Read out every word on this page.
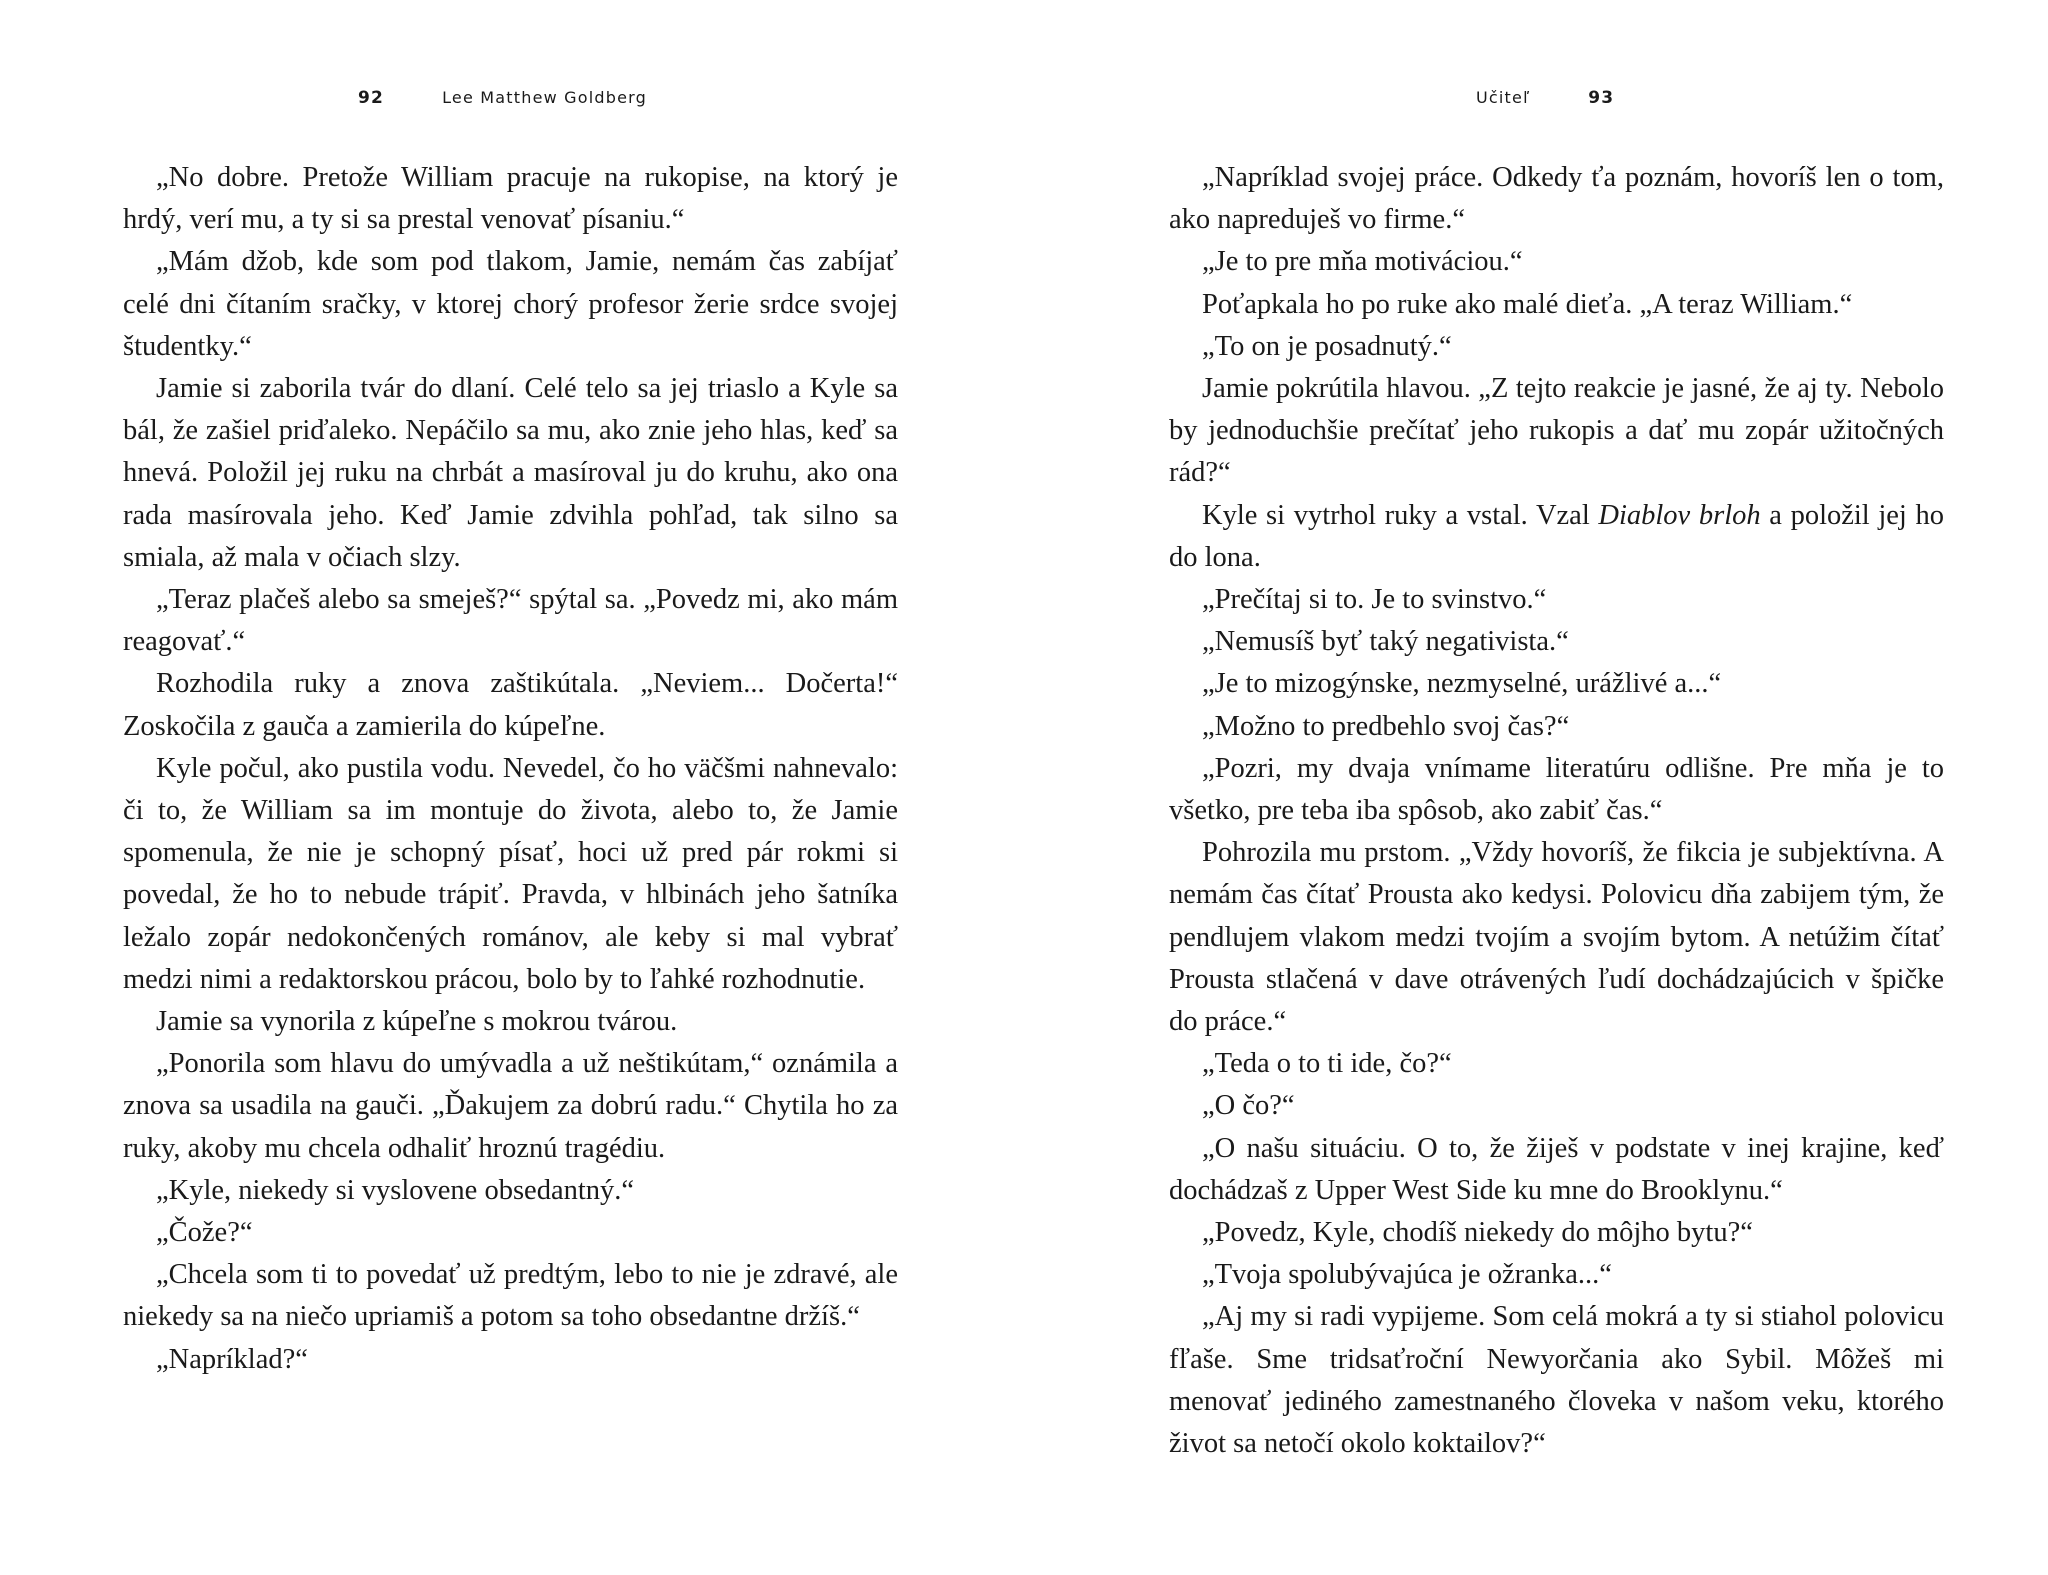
92	Lee Matthew Goldberg

„No dobre. Pretože William pracuje na rukopise, na ktorý je hrdý, verí mu, a ty si sa prestal venovať písaniu.“

„Mám džob, kde som pod tlakom, Jamie, nemám čas zabíjať celé dni čítaním sračky, v ktorej chorý profesor žerie srdce svojej študentky.“

Jamie si zaborila tvár do dlaní. Celé telo sa jej triaslo a Kyle sa bál, že zašiel priďaleko. Nepáčilo sa mu, ako znie jeho hlas, keď sa hnevá. Položil jej ruku na chrbát a masíroval ju do kruhu, ako ona rada masírovala jeho. Keď Jamie zdvihla pohľad, tak silno sa smiala, až mala v očiach slzy.

„Teraz plačeš alebo sa smeješ?“ spýtal sa. „Povedz mi, ako mám reagovať.“

Rozhodila ruky a znova zaštikútala. „Neviem... Dočerta!“ Zoskočila z gauča a zamierila do kúpeľne.

Kyle počul, ako pustila vodu. Nevedel, čo ho väčšmi nahnevalo: či to, že William sa im montuje do života, alebo to, že Jamie spomenula, že nie je schopný písať, hoci už pred pár rokmi si povedal, že ho to nebude trápiť. Pravda, v hlbinách jeho šatníka ležalo zopár nedokončených románov, ale keby si mal vybrať medzi nimi a redaktorskou prácou, bolo by to ľahké rozhodnutie.

Jamie sa vynorila z kúpeľne s mokrou tvárou.

„Ponorila som hlavu do umývadla a už neštikútam,“ oznámila a znova sa usadila na gauči. „Ďakujem za dobrú radu.“ Chytila ho za ruky, akoby mu chcela odhaliť hroznú tragédiu.

„Kyle, niekedy si vyslovene obsedantný.“

„Čože?“

„Chcela som ti to povedať už predtým, lebo to nie je zdravé, ale niekedy sa na niečo upriamiš a potom sa toho obsedantne držíš.“

„Napríklad?“

Učiteľ	93

„Napríklad svojej práce. Odkedy ťa poznám, hovoríš len o tom, ako napreduješ vo firme.“

„Je to pre mňa motiváciou.“

Poťapkala ho po ruke ako malé dieťa. „A teraz William.“

„To on je posadnutý.“

Jamie pokrútila hlavou. „Z tejto reakcie je jasné, že aj ty. Nebolo by jednoduchšie prečítať jeho rukopis a dať mu zopár užitočných rád?“

Kyle si vytrhol ruky a vstal. Vzal Diablov brloh a položil jej ho do lona.

„Prečítaj si to. Je to svinstvo.“

„Nemusíš byť taký negativista.“

„Je to mizogýnske, nezmyselné, urážlivé a...“

„Možno to predbehlo svoj čas?“

„Pozri, my dvaja vnímame literatúru odlišne. Pre mňa je to všetko, pre teba iba spôsob, ako zabiť čas.“

Pohrozila mu prstom. „Vždy hovoríš, že fikcia je subjektívna. A nemám čas čítať Prousta ako kedysi. Polovicu dňa zabijem tým, že pendlujem vlakom medzi tvojím a svojím bytom. A netúžim čítať Prousta stlačená v dave otrávených ľudí dochádzajúcich v špičke do práce.“

„Teda o to ti ide, čo?“

„O čo?“

„O našu situáciu. O to, že žiješ v podstate v inej krajine, keď dochádzaš z Upper West Side ku mne do Brooklynu.“

„Povedz, Kyle, chodíš niekedy do môjho bytu?“

„Tvoja spolubývajúca je ožranka...“

„Aj my si radi vypijeme. Som celá mokrá a ty si stiahol polovicu fľaše. Sme tridsaťroční Newyorčania ako Sybil. Môžeš mi menovať jediného zamestnaného človeka v našom veku, ktorého život sa netočí okolo koktailov?“
